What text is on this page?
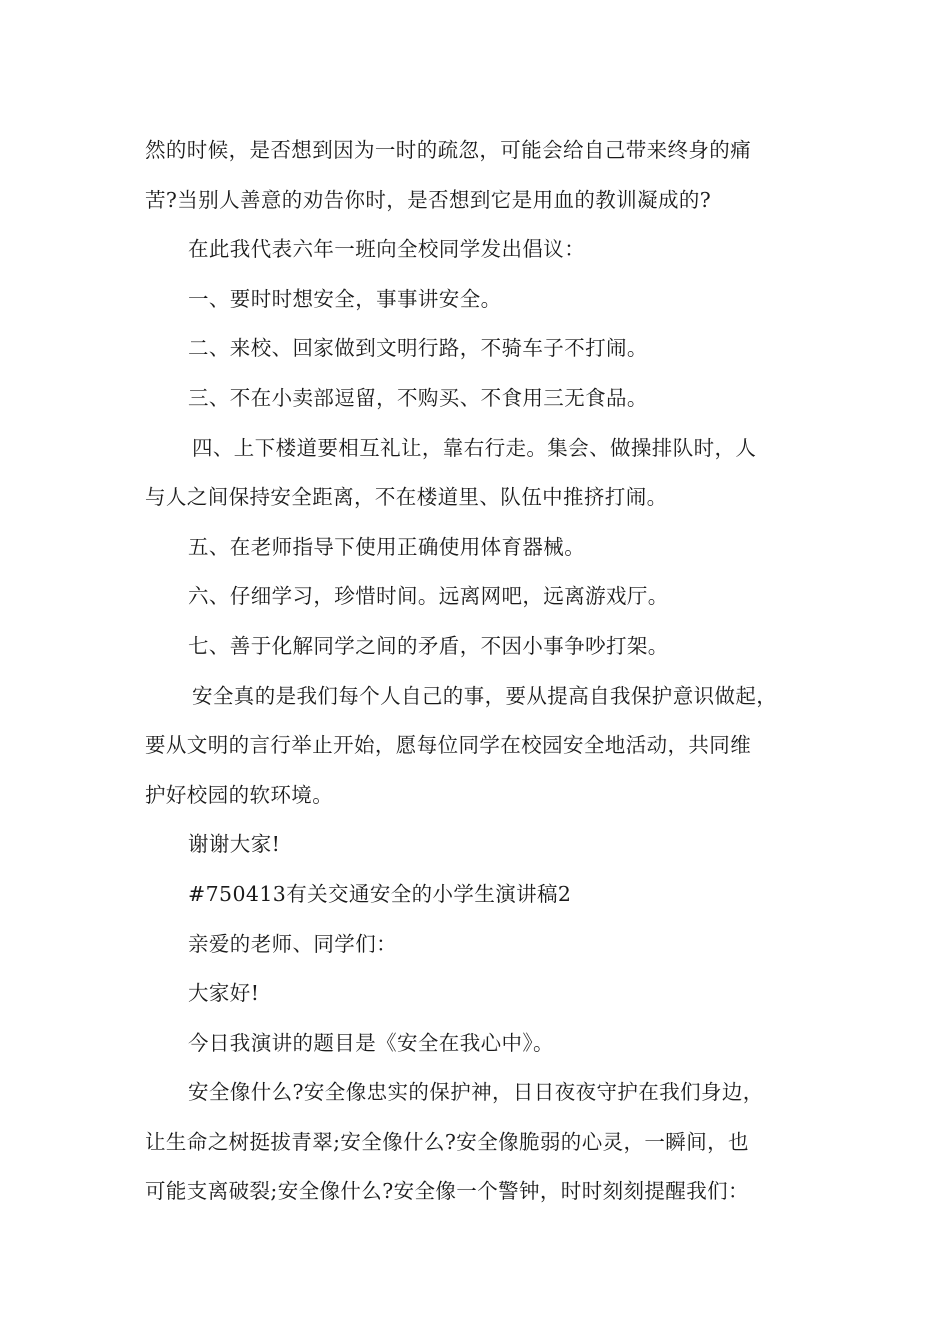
然的时候，是否想到因为一时的疏忽，可能会给自己带来终身的痛

苦?当别人善意的劝告你时，是否想到它是用血的教训凝成的?

在此我代表六年一班向全校同学发出倡议：

一、要时时想安全，事事讲安全。

二、来校、回家做到文明行路，不骑车子不打闹。

三、不在小卖部逗留，不购买、不食用三无食品。

四、上下楼道要相互礼让，靠右行走。集会、做操排队时，人

与人之间保持安全距离，不在楼道里、队伍中推挤打闹。

五、在老师指导下使用正确使用体育器械。

六、仔细学习，珍惜时间。远离网吧，远离游戏厅。

七、善于化解同学之间的矛盾，不因小事争吵打架。

安全真的是我们每个人自己的事，要从提高自我保护意识做起，

要从文明的言行举止开始，愿每位同学在校园安全地活动，共同维

护好校园的软环境。

谢谢大家!

#750413有关交通安全的小学生演讲稿2

亲爱的老师、同学们：

大家好!

今日我演讲的题目是《安全在我心中》。

安全像什么?安全像忠实的保护神，日日夜夜守护在我们身边，

让生命之树挺拔青翠;安全像什么?安全像脆弱的心灵，一瞬间，也

可能支离破裂;安全像什么?安全像一个警钟，时时刻刻提醒我们：
